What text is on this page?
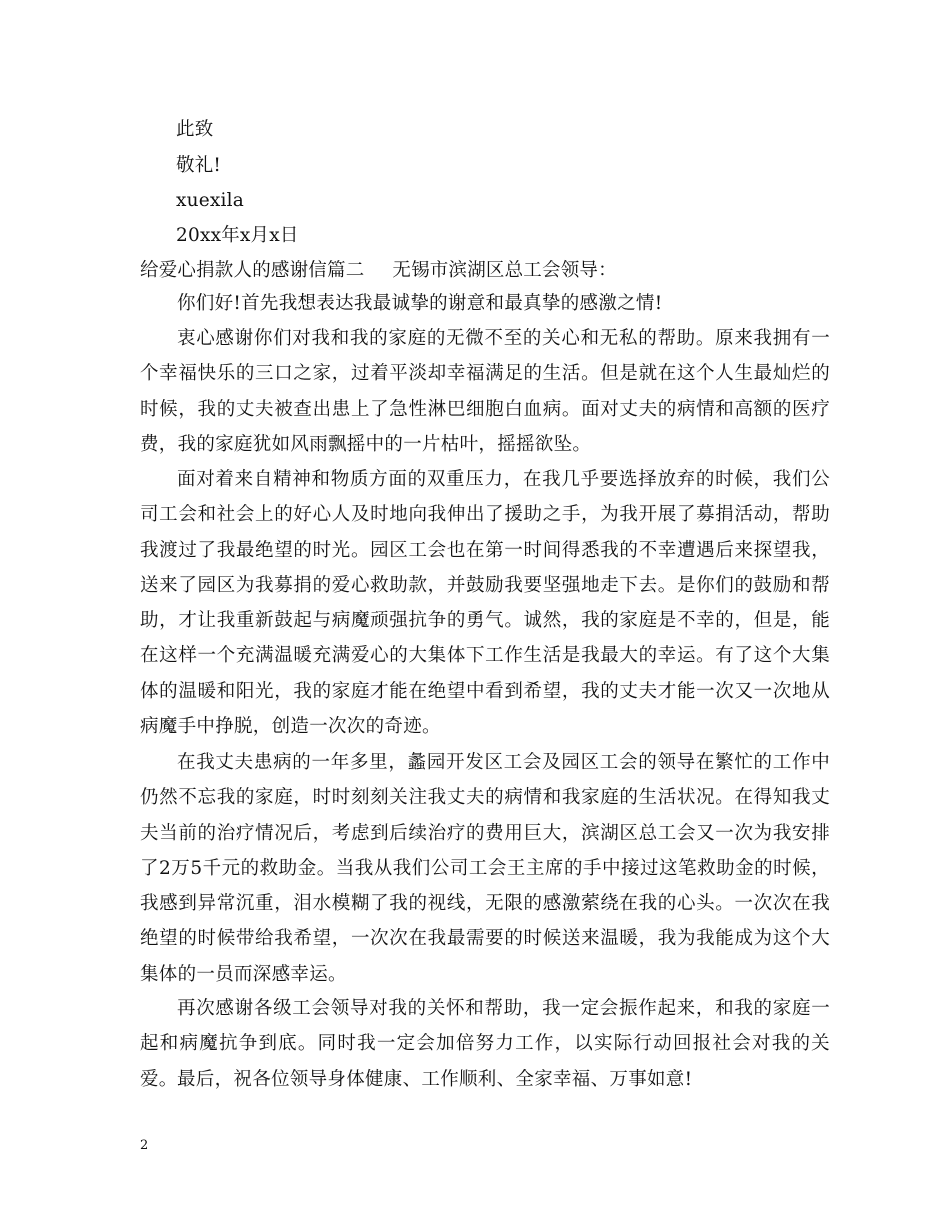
此致
敬礼!
xuexila
20xx年x月x日
给爱心捐款人的感谢信篇二 无锡市滨湖区总工会领导：

你们好!首先我想表达我最诚挚的谢意和最真挚的感激之情!

衷心感谢你们对我和我的家庭的无微不至的关心和无私的帮助。原来我拥有一个幸福快乐的三口之家，过着平淡却幸福满足的生活。但是就在这个人生最灿烂的时候，我的丈夫被查出患上了急性淋巴细胞白血病。面对丈夫的病情和高额的医疗费，我的家庭犹如风雨飘摇中的一片枯叶，摇摇欲坠。

面对着来自精神和物质方面的双重压力，在我几乎要选择放弃的时候，我们公司工会和社会上的好心人及时地向我伸出了援助之手，为我开展了募捐活动，帮助我渡过了我最绝望的时光。园区工会也在第一时间得悉我的不幸遭遇后来探望我，送来了园区为我募捐的爱心救助款，并鼓励我要坚强地走下去。是你们的鼓励和帮助，才让我重新鼓起与病魔顽强抗争的勇气。诚然，我的家庭是不幸的，但是，能在这样一个充满温暖充满爱心的大集体下工作生活是我最大的幸运。有了这个大集体的温暖和阳光，我的家庭才能在绝望中看到希望，我的丈夫才能一次又一次地从病魔手中挣脱，创造一次次的奇迹。

在我丈夫患病的一年多里，蠡园开发区工会及园区工会的领导在繁忙的工作中仍然不忘我的家庭，时时刻刻关注我丈夫的病情和我家庭的生活状况。在得知我丈夫当前的治疗情况后，考虑到后续治疗的费用巨大，滨湖区总工会又一次为我安排了2万5千元的救助金。当我从我们公司工会王主席的手中接过这笔救助金的时候，我感到异常沉重，泪水模糊了我的视线，无限的感激萦绕在我的心头。一次次在我绝望的时候带给我希望，一次次在我最需要的时候送来温暖，我为我能成为这个大集体的一员而深感幸运。

再次感谢各级工会领导对我的关怀和帮助，我一定会振作起来，和我的家庭一起和病魔抗争到底。同时我一定会加倍努力工作，以实际行动回报社会对我的关爱。 最后，祝各位领导身体健康、工作顺利、全家幸福、万事如意!

2
